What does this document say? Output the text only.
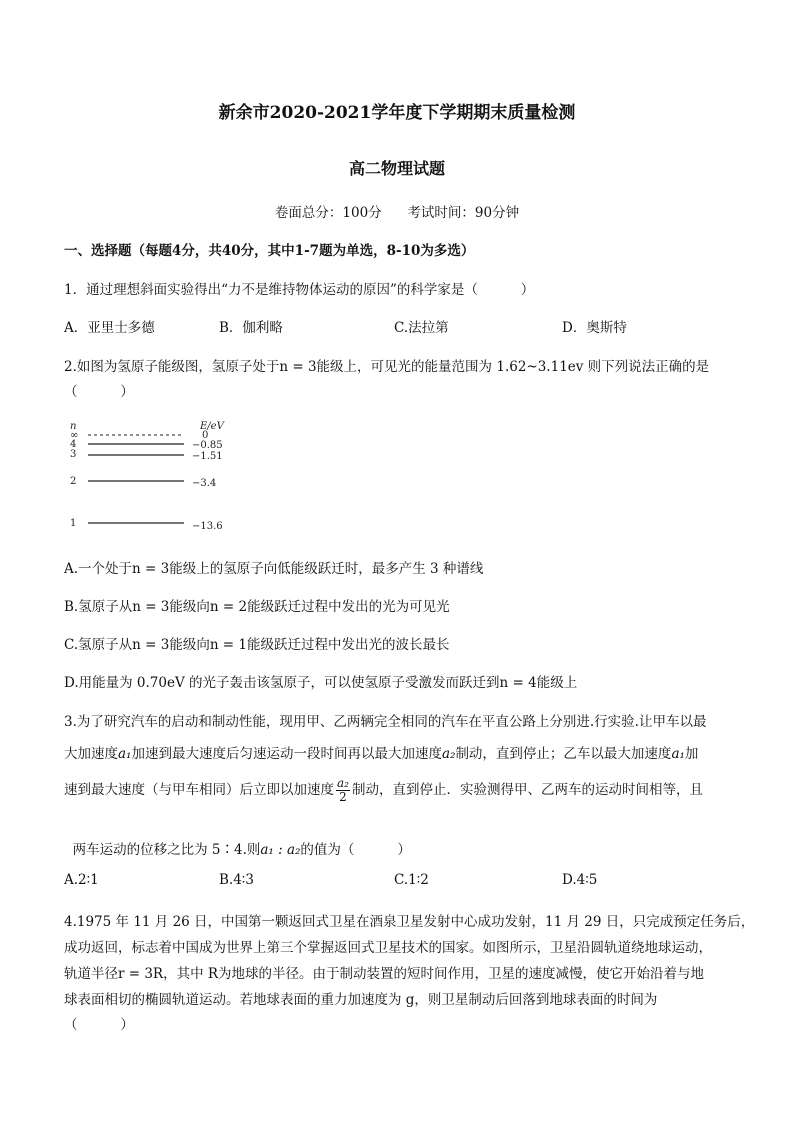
新余市2020-2021学年度下学期期末质量检测
高二物理试题
卷面总分：100分      考试时间：90分钟
一、选择题（每题4分，共40分，其中1-7题为单选，8-10为多选）
1．通过理想斜面实验得出“力不是维持物体运动的原因”的科学家是（          ）
A．亚里士多德	B．伽利略	C.法拉第	D．奥斯特
2.如图为氢原子能级图，氢原子处于n = 3能级上，可见光的能量范围为 1.62~3.11ev 则下列说法正确的是
（          ）
n	E/eV
∞	0
4	−0.85
3	−1.51
2	−3.4
1	−13.6
A.一个处于n = 3能级上的氢原子向低能级跃迁时，最多产生 3 种谱线
B.氢原子从n = 3能级向n = 2能级跃迁过程中发出的光为可见光
C.氢原子从n = 3能级向n = 1能级跃迁过程中发出光的波长最长
D.用能量为 0.70eV 的光子轰击该氢原子，可以使氢原子受激发而跃迁到n = 4能级上
3.为了研究汽车的启动和制动性能，现用甲、乙两辆完全相同的汽车在平直公路上分别进.行实验.让甲车以最
大加速度a₁加速到最大速度后匀速运动一段时间再以最大加速度a₂制动，直到停止；乙车以最大加速度a₁加
速到最大速度（与甲车相同）后立即以加速度 $\frac{\text{a₂}}{2}$ 制动，直到停止．实验测得甲、乙两车的运动时间相等，且

两车运动的位移之比为 5∶4.则a₁ : a₂的值为（          ）

A.2∶1	B.4∶3	C.1∶2	D.4∶5
4.1975 年 11 月 26 日，中国第一颗返回式卫星在酒泉卫星发射中心成功发射，11 月 29 日，只完成预定任务后，
成功返回，标志着中国成为世界上第三个掌握返回式卫星技术的国家。如图所示，卫星沿圆轨道绕地球运动，
轨道半径r = 3R，其中 R为地球的半径。由于制动装置的短时间作用，卫星的速度减慢，使它开始沿着与地
球表面相切的椭圆轨道运动。若地球表面的重力加速度为 g，则卫星制动后回落到地球表面的时间为
（          ）
